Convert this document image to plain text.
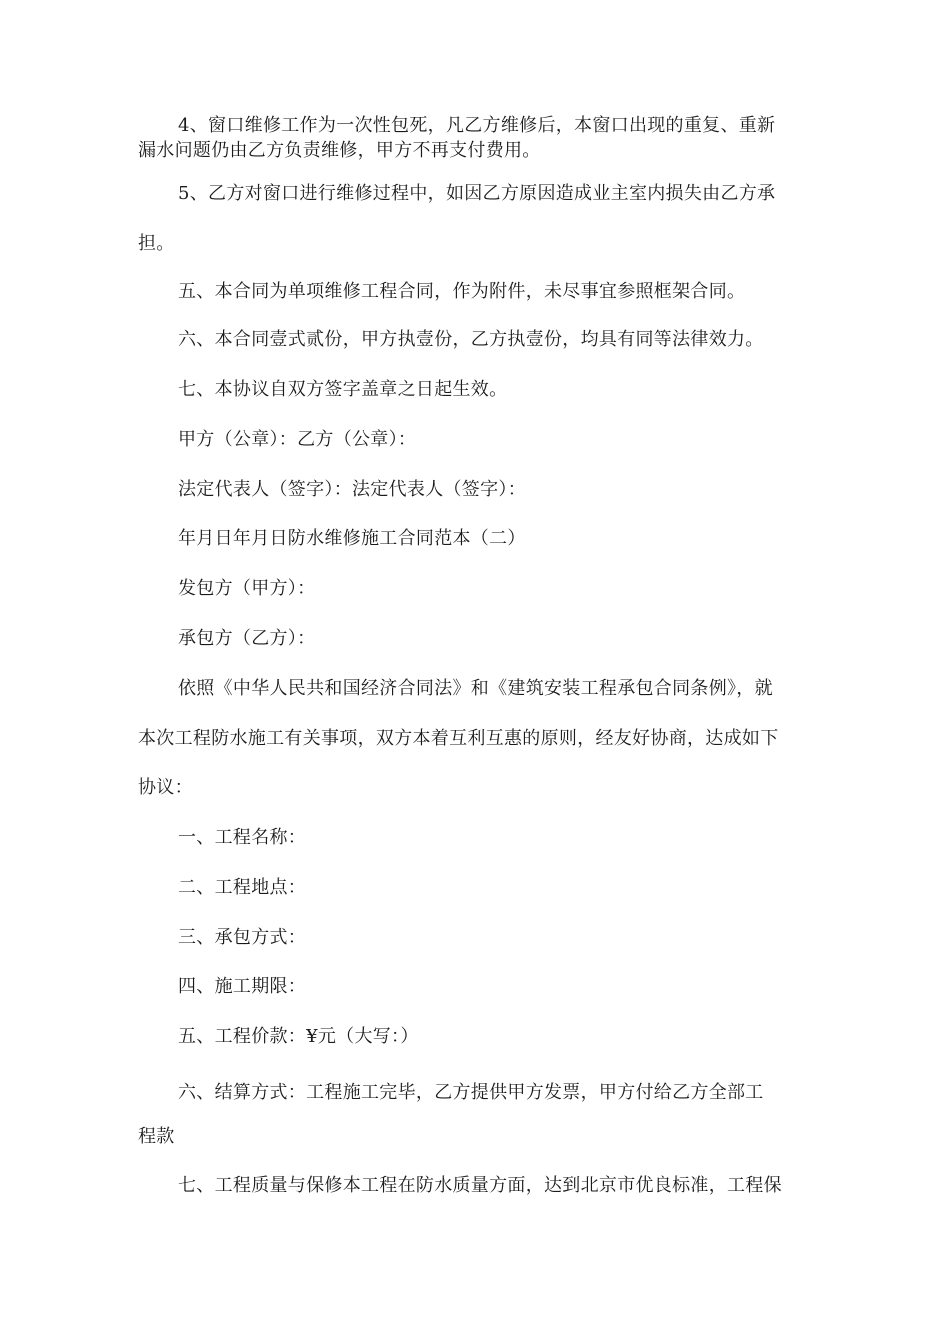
4、窗口维修工作为一次性包死，凡乙方维修后，本窗口出现的重复、重新
漏水问题仍由乙方负责维修，甲方不再支付费用。
5、乙方对窗口进行维修过程中，如因乙方原因造成业主室内损失由乙方承
担。
五、本合同为单项维修工程合同，作为附件，未尽事宜参照框架合同。
六、本合同壹式贰份，甲方执壹份，乙方执壹份，均具有同等法律效力。
七、本协议自双方签字盖章之日起生效。
甲方（公章）：乙方（公章）：
法定代表人（签字）：法定代表人（签字）：
年月日年月日防水维修施工合同范本（二）
发包方（甲方）：
承包方（乙方）：
依照《中华人民共和国经济合同法》和《建筑安装工程承包合同条例》，就
本次工程防水施工有关事项，双方本着互利互惠的原则，经友好协商，达成如下
协议：
一、工程名称：
二、工程地点：
三、承包方式：
四、施工期限：
五、工程价款：¥元（大写：）
六、结算方式：工程施工完毕，乙方提供甲方发票，甲方付给乙方全部工
程款
七、工程质量与保修本工程在防水质量方面，达到北京市优良标准，工程保
